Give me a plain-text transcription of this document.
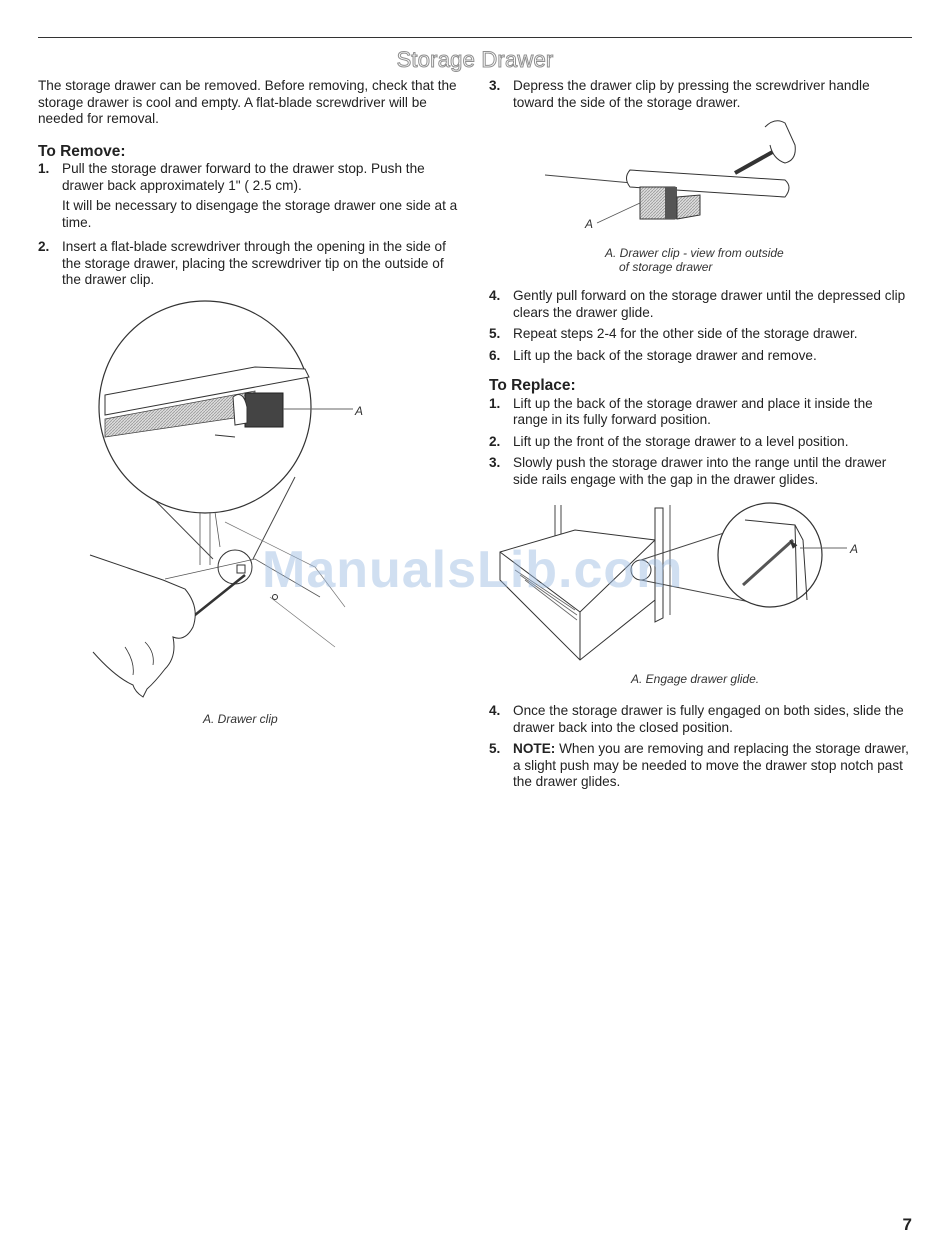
Storage Drawer

The storage drawer can be removed. Before removing, check that the storage drawer is cool and empty. A flat-blade screwdriver will be needed for removal.

To Remove:

1. Pull the storage drawer forward to the drawer stop. Push the drawer back approximately 1" ( 2.5 cm).

It will be necessary to disengage the storage drawer one side at a time.

2. Insert a flat-blade screwdriver through the opening in the side of the storage drawer, placing the screwdriver tip on the outside of the drawer clip.

A
A. Drawer clip
3. Depress the drawer clip by pressing the screwdriver handle toward the side of the storage drawer.

A
A. Drawer clip - view from outside
of storage drawer
4. Gently pull forward on the storage drawer until the depressed clip clears the drawer glide.

5. Repeat steps 2-4 for the other side of the storage drawer.

6. Lift up the back of the storage drawer and remove.

To Replace:

1. Lift up the back of the storage drawer and place it inside the range in its fully forward position.

2. Lift up the front of the storage drawer to a level position.

3. Slowly push the storage drawer into the range until the drawer side rails engage with the gap in the drawer glides.

A
A. Engage drawer glide.
4. Once the storage drawer is fully engaged on both sides, slide the drawer back into the closed position.

5. NOTE: When you are removing and replacing the storage drawer, a slight push may be needed to move the drawer stop notch past the drawer glides.

ManualsLib.com
7
